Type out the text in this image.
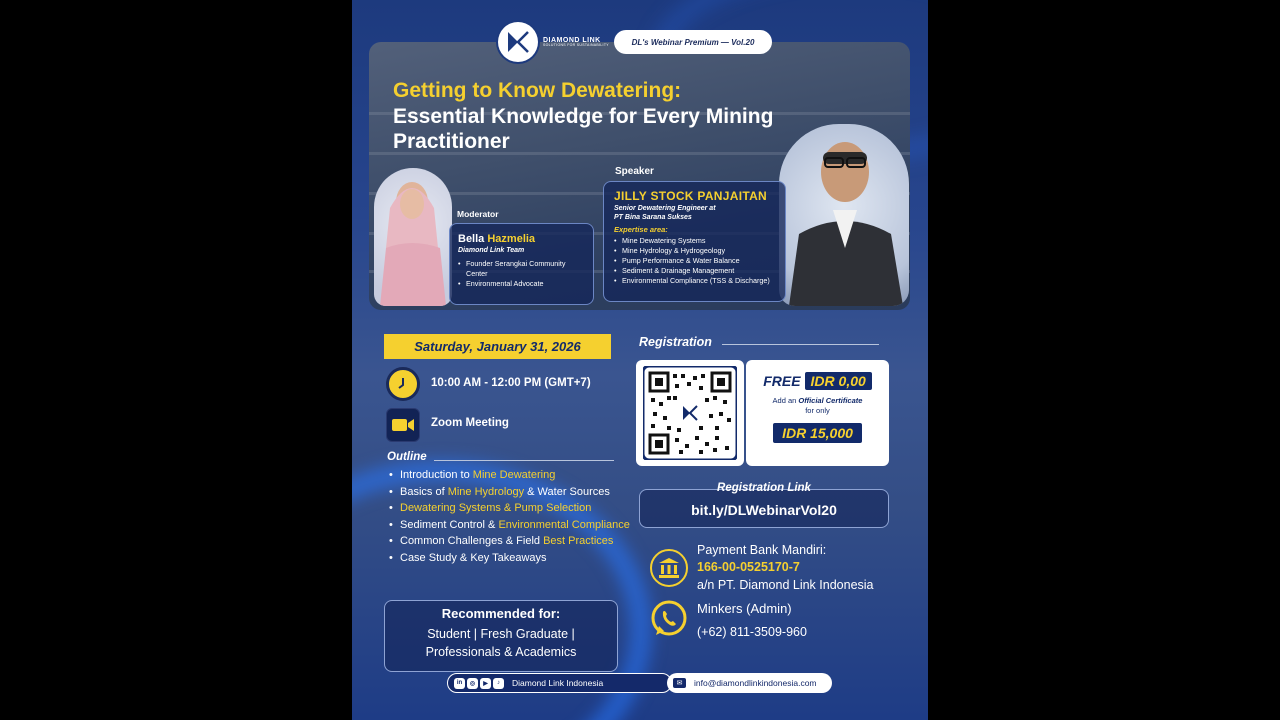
DIAMOND LINK
SOLUTIONS FOR SUSTAINABILITY	DL's Webinar Premium — Vol.20
Getting to Know Dewatering:
Essential Knowledge for Every Mining Practitioner
Speaker
JILLY STOCK PANJAITAN
Senior Dewatering Engineer at
PT Bina Sarana Sukses
Expertise area:
• Mine Dewatering Systems
• Mine Hydrology & Hydrogeology
• Pump Performance & Water Balance
• Sediment & Drainage Management
• Environmental Compliance (TSS & Discharge)
Moderator
Bella Hazmelia
Diamond Link Team
• Founder Serangkai Community Center
• Environmental Advocate
Saturday, January 31, 2026
10:00 AM - 12:00 PM (GMT+7)
Zoom Meeting
Outline
• Introduction to Mine Dewatering
• Basics of Mine Hydrology & Water Sources
• Dewatering Systems & Pump Selection
• Sediment Control & Environmental Compliance
• Common Challenges & Field Best Practices
• Case Study & Key Takeaways
Recommended for:
Student | Fresh Graduate |
Professionals & Academics
Registration
FREE IDR 0,00
Add an Official Certificate
for only
IDR 15,000
Registration Link
bit.ly/DLWebinarVol20
Payment Bank Mandiri:
166-00-0525170-7
a/n PT. Diamond Link Indonesia
Minkers (Admin)
(+62) 811-3509-960
in	◎	▶	♪	Diamond Link Indonesia	✉	info@diamondlinkindonesia.com
